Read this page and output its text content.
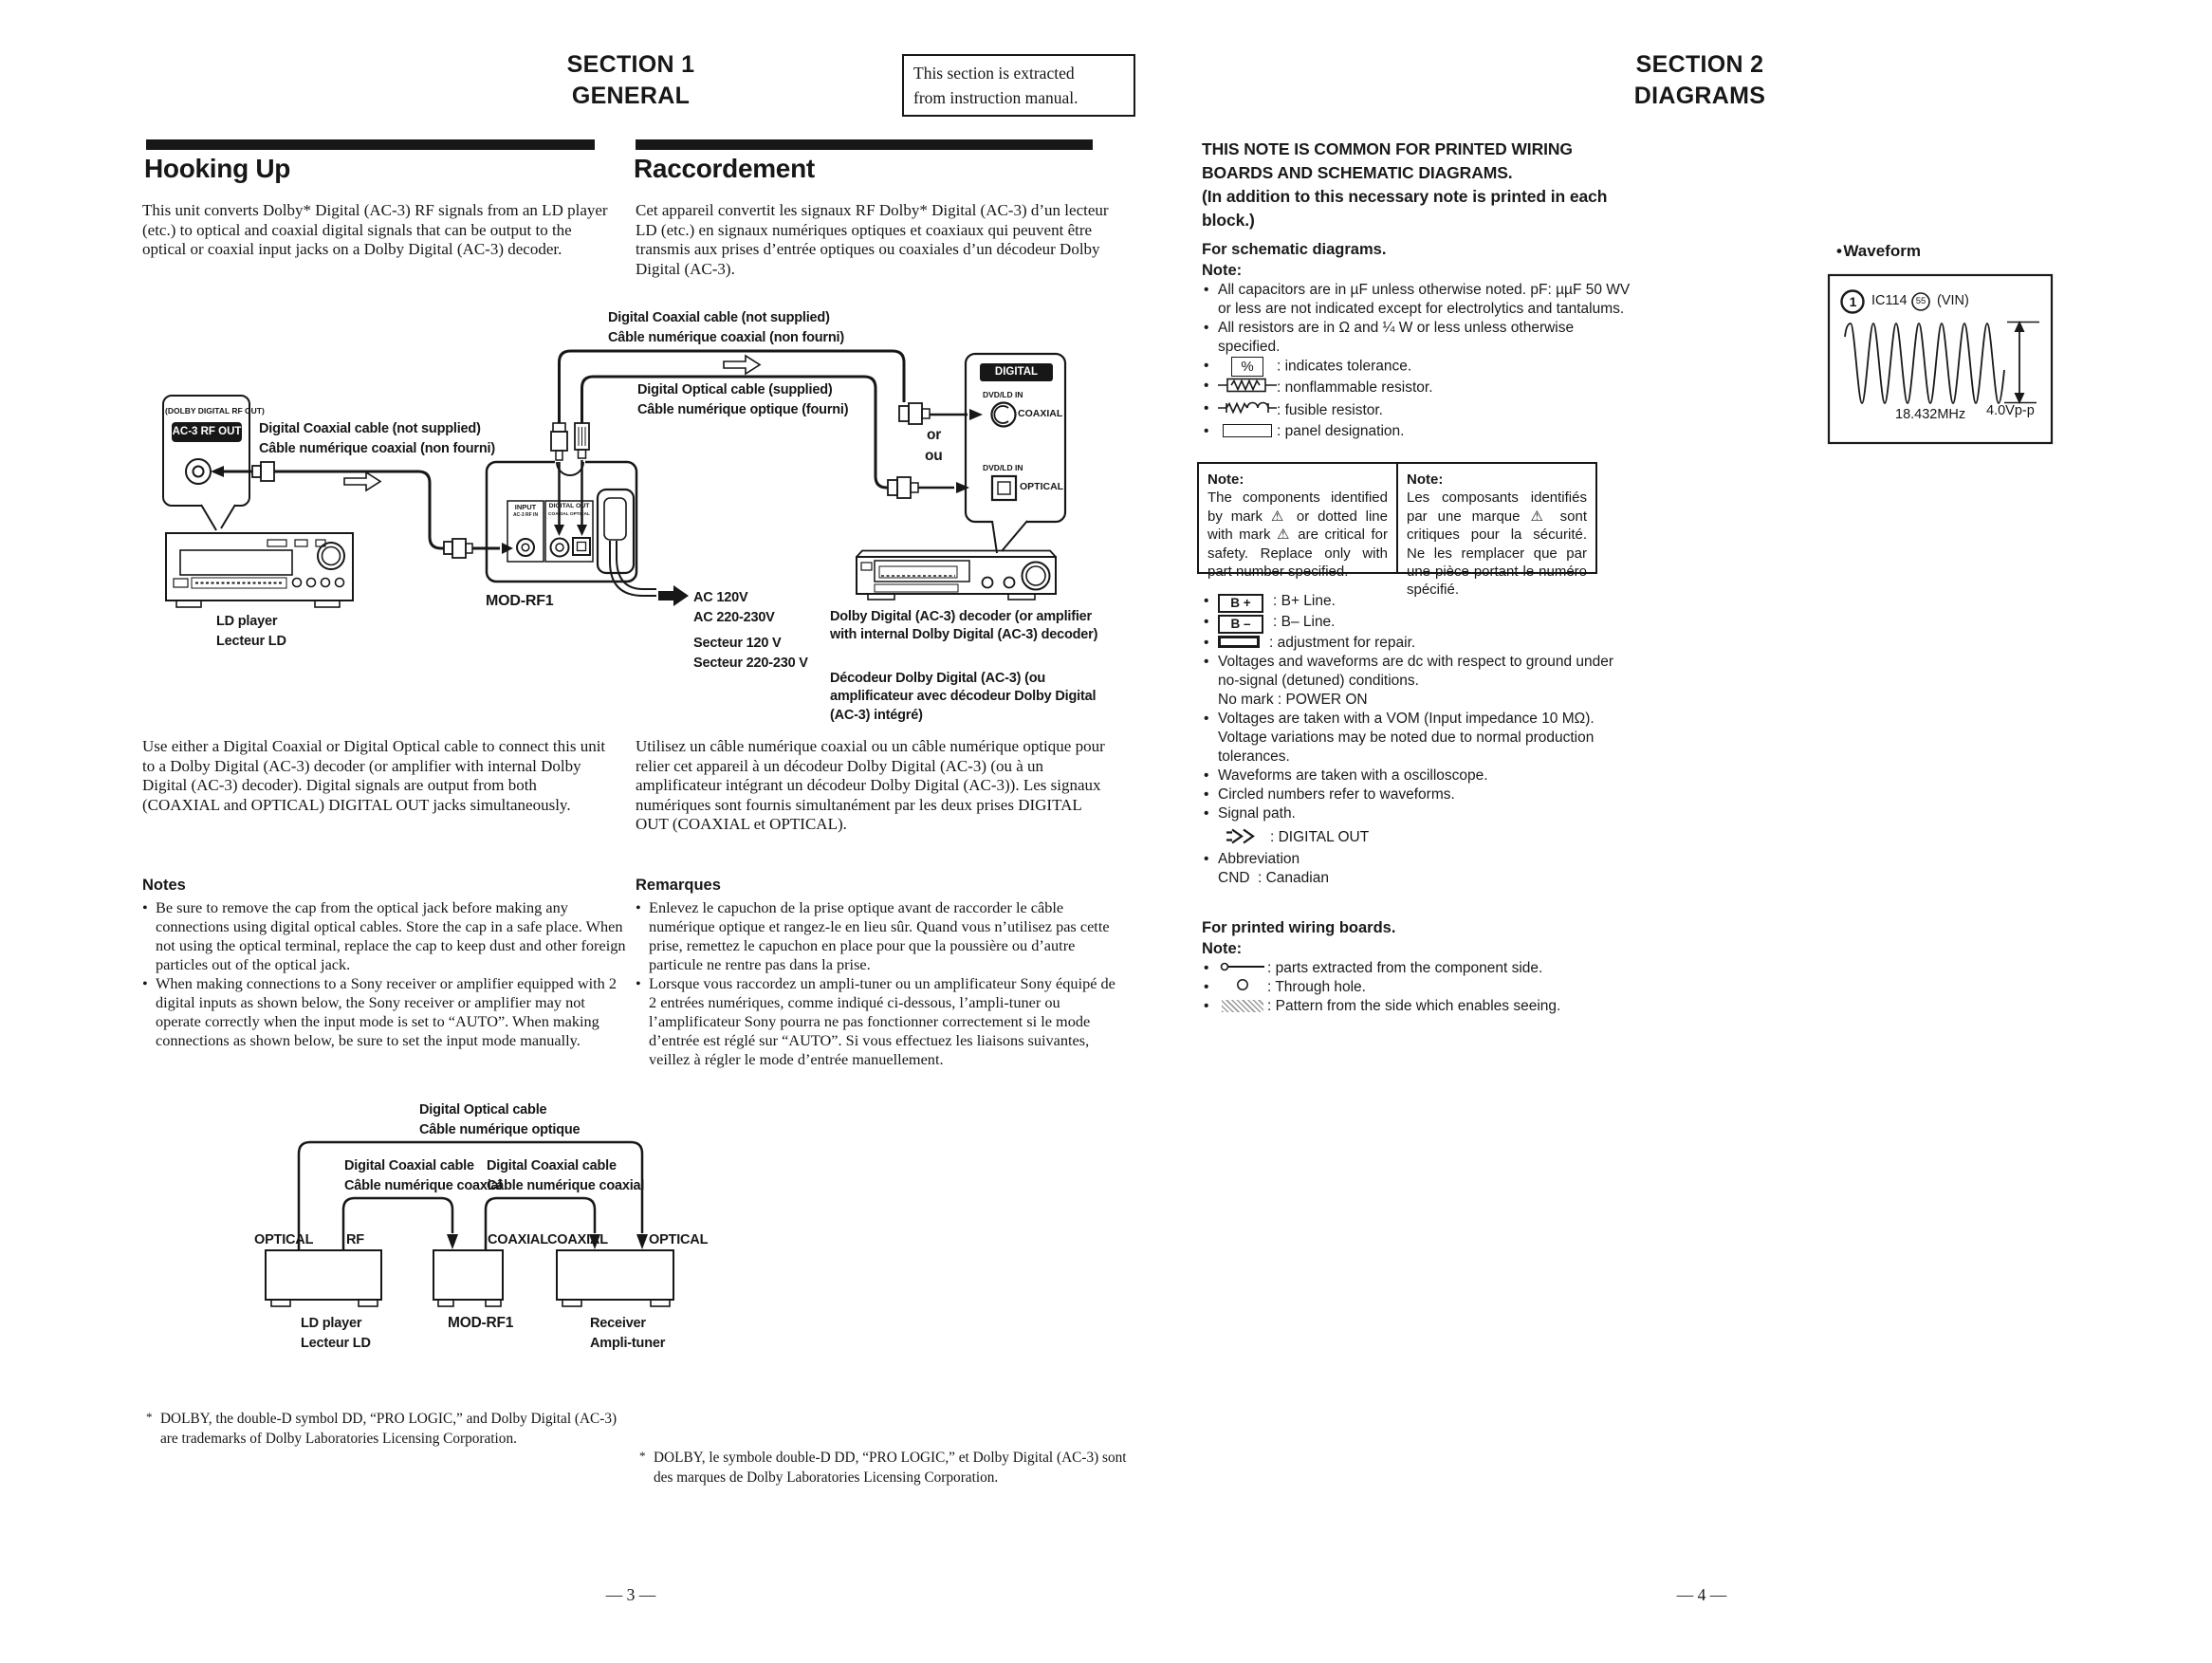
SECTION 1
GENERAL
This section is extracted
from instruction manual.
SECTION 2
DIAGRAMS
Hooking Up	Raccordement
This unit converts Dolby* Digital (AC-3) RF signals from an LD player (etc.) to optical and coaxial digital signals that can be output to the optical or coaxial input jacks on a Dolby Digital (AC-3) decoder.
Cet appareil convertit les signaux RF Dolby* Digital (AC-3) d’un lecteur LD (etc.) en signaux numériques optiques et coaxiaux qui peuvent être transmis aux prises d’entrée optiques ou coaxiales d’un décodeur Dolby Digital (AC-3).
(DOLBY DIGITAL RF OUT)
AC-3 RF OUT Digital Coaxial cable (not supplied)
Câble numérique coaxial (non fourni)
LD player
Lecteur LD
MOD-RF1
INPUT
AC-3 RF IN
DIGITAL OUT
COAXIAL OPTICAL
Digital Coaxial cable (not supplied)
Câble numérique coaxial (non fourni)
Digital Optical cable (supplied)
Câble numérique optique (fourni)
or
ou
DIGITAL
DVD/LD IN
COAXIAL
DVD/LD IN
OPTICAL
AC 120V
AC 220-230V
Secteur 120 V
Secteur 220-230 V
Dolby Digital (AC-3) decoder (or amplifier with internal Dolby Digital (AC-3) decoder)
Décodeur Dolby Digital (AC-3) (ou amplificateur avec décodeur Dolby Digital (AC-3) intégré)
Use either a Digital Coaxial or Digital Optical cable to connect this unit to a Dolby Digital (AC-3) decoder (or amplifier with internal Dolby Digital (AC-3) decoder). Digital signals are output from both (COAXIAL and OPTICAL) DIGITAL OUT jacks simultaneously.
Utilisez un câble numérique coaxial ou un câble numérique optique pour relier cet appareil à un décodeur Dolby Digital (AC-3) (ou à un amplificateur intégrant un décodeur Dolby Digital (AC-3)). Les signaux numériques sont fournis simultanément par les deux prises DIGITAL OUT (COAXIAL et OPTICAL).
Notes
• Be sure to remove the cap from the optical jack before making any connections using digital optical cables. Store the cap in a safe place. When not using the optical terminal, replace the cap to keep dust and other foreign particles out of the optical jack.
• When making connections to a Sony receiver or amplifier equipped with 2 digital inputs as shown below, the Sony receiver or amplifier may not operate correctly when the input mode is set to “AUTO”. When making connections as shown below, be sure to set the input mode manually.
Remarques
• Enlevez le capuchon de la prise optique avant de raccorder le câble numérique optique et rangez-le en lieu sûr. Quand vous n’utilisez pas cette prise, remettez le capuchon en place pour que la poussière ou d’autre particule ne rentre pas dans la prise.
• Lorsque vous raccordez un ampli-tuner ou un amplificateur Sony équipé de 2 entrées numériques, comme indiqué ci-dessous, l’ampli-tuner ou l’amplificateur Sony pourra ne pas fonctionner correctement si le mode d’entrée est réglé sur “AUTO”. Si vous effectuez les liaisons suivantes, veillez à régler le mode d’entrée manuellement.
Digital Optical cable
Câble numérique optique
Digital Coaxial cable
Câble numérique coaxial
Digital Coaxial cable
Câble numérique coaxial
OPTICAL RF	COAXIAL COAXIAL	OPTICAL
LD player
Lecteur LD
MOD-RF1	Receiver
Ampli-tuner
* DOLBY, the double-D symbol DD, “PRO LOGIC,” and Dolby Digital (AC-3) are trademarks of Dolby Laboratories Licensing Corporation.
* DOLBY, le symbole double-D DD, “PRO LOGIC,” et Dolby Digital (AC-3) sont des marques de Dolby Laboratories Licensing Corporation.
THIS NOTE IS COMMON FOR PRINTED WIRING BOARDS AND SCHEMATIC DIAGRAMS.
(In addition to this necessary note is printed in each block.)
For schematic diagrams.
Note:
• All capacitors are in µF unless otherwise noted. pF: µµF 50 WV or less are not indicated except for electrolytics and tantalums.
• All resistors are in Ω and ¼ W or less unless otherwise specified.
• % : indicates tolerance.
• : nonflammable resistor.
• : fusible resistor.
• : panel designation.
Note:
The components identified by mark ⚠ or dotted line with mark ⚠ are critical for safety. Replace only with part number specified.
Note:
Les composants identifiés par une marque ⚠ sont critiques pour la sécurité. Ne les remplacer que par une pièce portant le numéro spécifié.
• B + : B+ Line.
• B – : B– Line.
• : adjustment for repair.
• Voltages and waveforms are dc with respect to ground under no-signal (detuned) conditions.
No mark : POWER ON
• Voltages are taken with a VOM (Input impedance 10 MΩ). Voltage variations may be noted due to normal production tolerances.
• Waveforms are taken with a oscilloscope.
• Circled numbers refer to waveforms.
• Signal path.
: DIGITAL OUT
• Abbreviation
CND : Canadian
For printed wiring boards.
Note:
• : parts extracted from the component side.
• : Through hole.
• : Pattern from the side which enables seeing.
• Waveform
1 IC114 55 (VIN)
18.432MHz 4.0Vp-p
— 3 —	— 4 —
